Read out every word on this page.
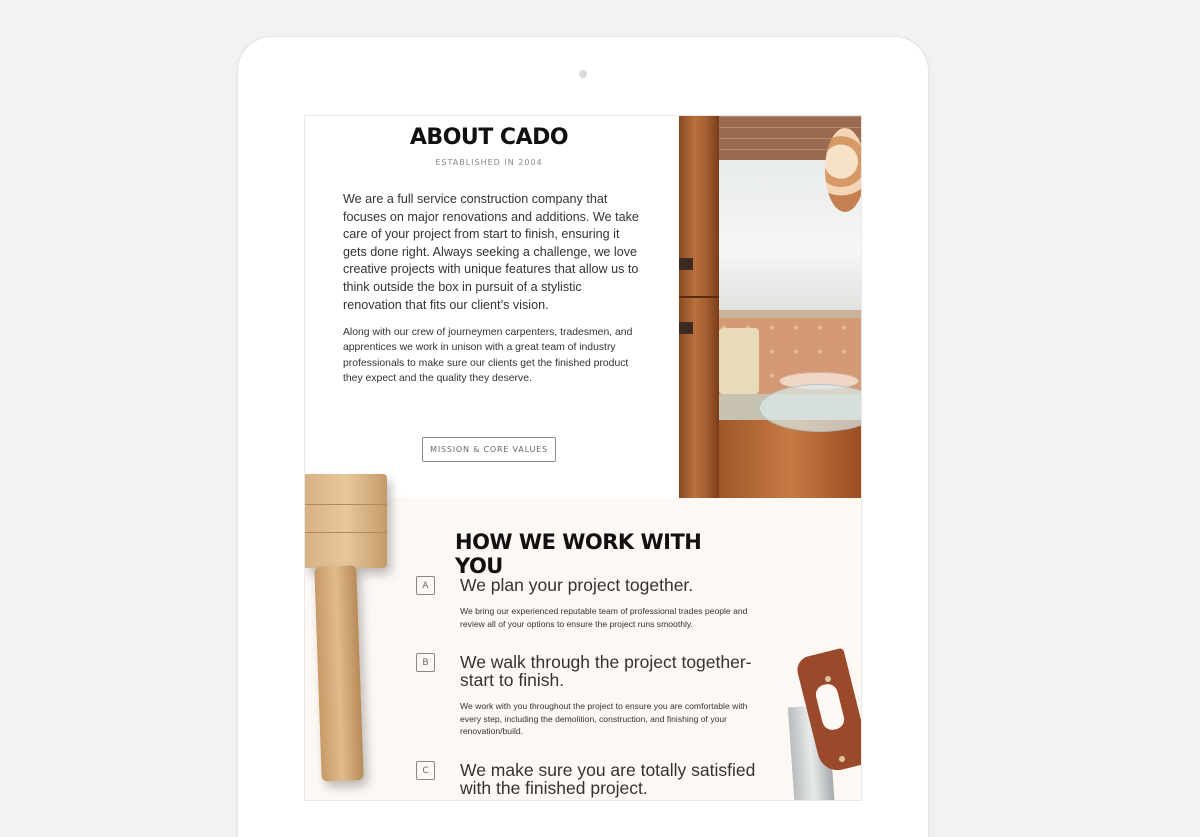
ABOUT CADO
ESTABLISHED IN 2004
We are a full service construction company that focuses on major renovations and additions. We take care of your project from start to finish, ensuring it gets done right. Always seeking a challenge, we love creative projects with unique features that allow us to think outside the box in pursuit of a stylistic renovation that fits our client’s vision.
Along with our crew of journeymen carpenters, tradesmen, and apprentices we work in unison with a great team of industry professionals to make sure our clients get the finished product they expect and the quality they deserve.
MISSION & CORE VALUES
HOW WE WORK WITH YOU
A	We plan your project together.
We bring our experienced reputable team of professional trades people and review all of your options to ensure the project runs smoothly.
B	We walk through the project together-start to finish.
We work with you throughout the project to ensure you are comfortable with every step, including the demolition, construction, and finishing of your renovation/build.
C	We make sure you are totally satisfied with the finished project.
